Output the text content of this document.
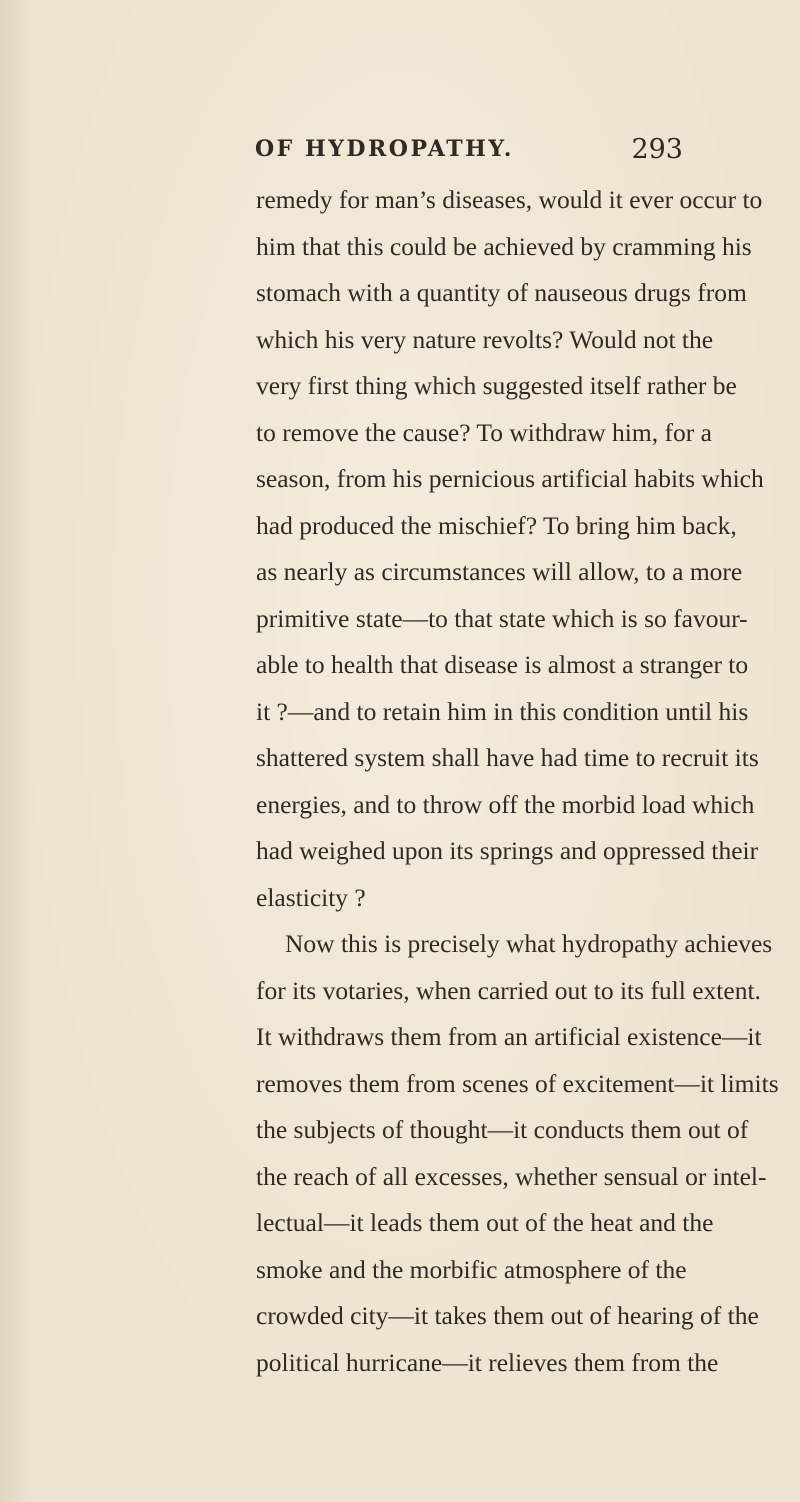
OF HYDROPATHY.	293
remedy for man’s diseases, would it ever occur to
him that this could be achieved by cramming his
stomach with a quantity of nauseous drugs from
which his very nature revolts? Would not the
very first thing which suggested itself rather be
to remove the cause? To withdraw him, for a
season, from his pernicious artificial habits which
had produced the mischief? To bring him back,
as nearly as circumstances will allow, to a more
primitive state—to that state which is so favour-
able to health that disease is almost a stranger to
it ?—and to retain him in this condition until his
shattered system shall have had time to recruit its
energies, and to throw off the morbid load which
had weighed upon its springs and oppressed their
elasticity ?
Now this is precisely what hydropathy achieves
for its votaries, when carried out to its full extent.
It withdraws them from an artificial existence—it
removes them from scenes of excitement—it limits
the subjects of thought—it conducts them out of
the reach of all excesses, whether sensual or intel-
lectual—it leads them out of the heat and the
smoke and the morbific atmosphere of the
crowded city—it takes them out of hearing of the
political hurricane—it relieves them from the
